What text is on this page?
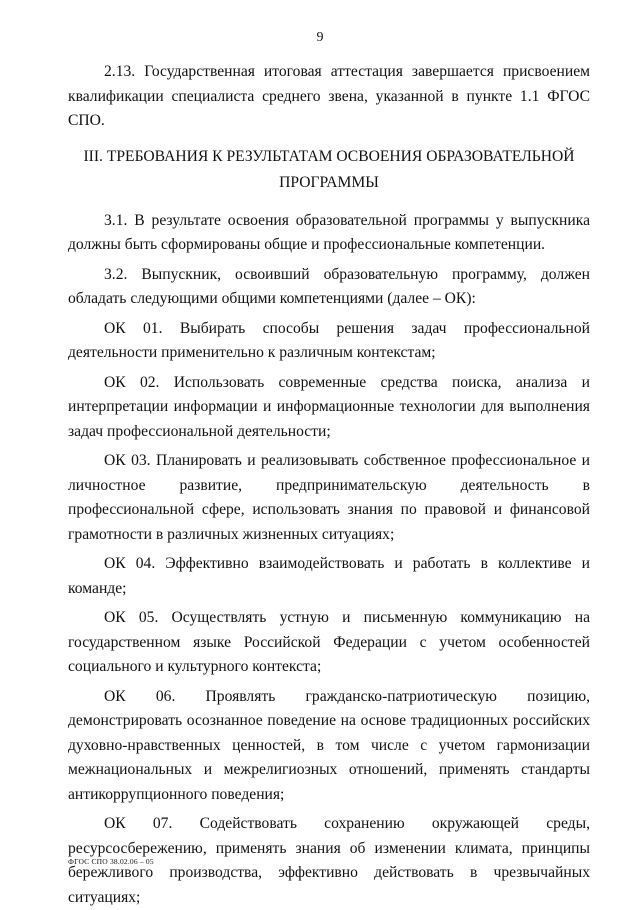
9

2.13. Государственная итоговая аттестация завершается присвоением квалификации специалиста среднего звена, указанной в пункте 1.1 ФГОС СПО.

III. ТРЕБОВАНИЯ К РЕЗУЛЬТАТАМ ОСВОЕНИЯ ОБРАЗОВАТЕЛЬНОЙ
ПРОГРАММЫ

3.1. В результате освоения образовательной программы у выпускника должны быть сформированы общие и профессиональные компетенции.

3.2. Выпускник, освоивший образовательную программу, должен обладать следующими общими компетенциями (далее – ОК):

ОК 01. Выбирать способы решения задач профессиональной деятельности применительно к различным контекстам;

ОК 02. Использовать современные средства поиска, анализа и интерпретации информации и информационные технологии для выполнения задач профессиональной деятельности;

ОК 03. Планировать и реализовывать собственное профессиональное и личностное развитие, предпринимательскую деятельность в профессиональной сфере, использовать знания по правовой и финансовой грамотности в различных жизненных ситуациях;

ОК 04. Эффективно взаимодействовать и работать в коллективе и команде;

ОК 05. Осуществлять устную и письменную коммуникацию на государственном языке Российской Федерации с учетом особенностей социального и культурного контекста;

ОК 06. Проявлять гражданско-патриотическую позицию, демонстрировать осознанное поведение на основе традиционных российских духовно-нравственных ценностей, в том числе с учетом гармонизации межнациональных и межрелигиозных отношений, применять стандарты антикоррупционного поведения;

ОК 07. Содействовать сохранению окружающей среды, ресурсосбережению, применять знания об изменении климата, принципы бережливого производства, эффективно действовать в чрезвычайных ситуациях;

ФГОС СПО 38.02.06 – 05
